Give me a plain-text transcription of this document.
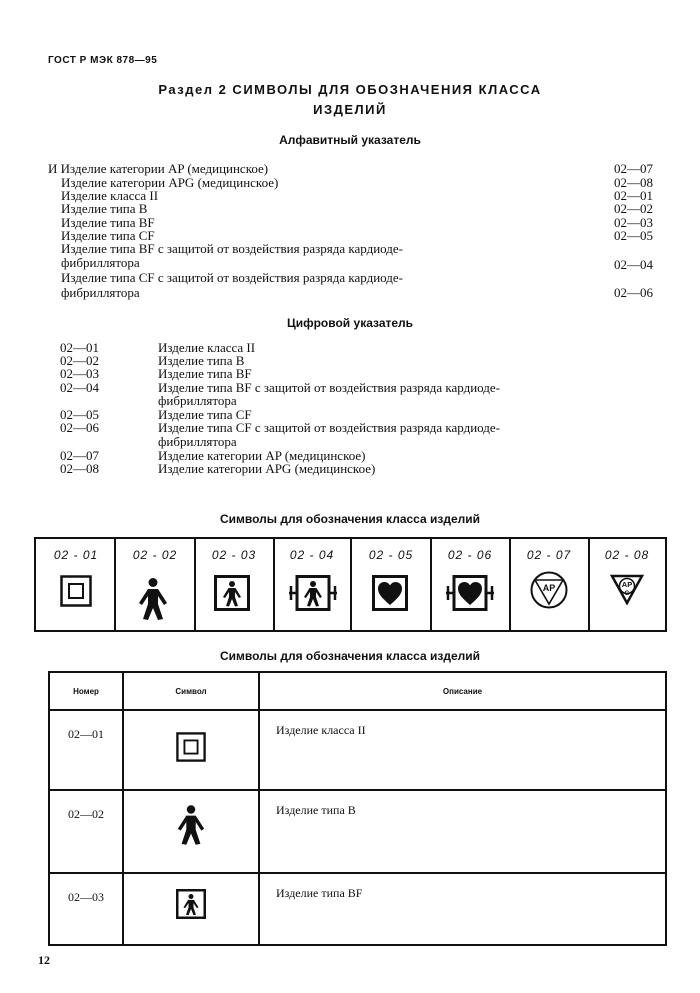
ГОСТ Р МЭК 878—95
Раздел 2 СИМВОЛЫ ДЛЯ ОБОЗНАЧЕНИЯ КЛАССА
ИЗДЕЛИЙ
Алфавитный указатель
И Изделие категории AP (медицинское)	02—07
Изделие категории APG (медицинское)	02—08
Изделие класса II	02—01
Изделие типа B	02—02
Изделие типа BF	02—03
Изделие типа CF	02—05
Изделие типа BF с защитой от воздействия разряда кардиоде-
фибриллятора	02—04
Изделие типа CF с защитой от воздействия разряда кардиоде-
фибриллятора	02—06
Цифровой указатель
02—01	Изделие класса II
02—02	Изделие типа B
02—03	Изделие типа BF
02—04	Изделие типа BF с защитой от воздействия разряда кардиоде-
фибриллятора
02—05	Изделие типа CF
02—06	Изделие типа CF с защитой от воздействия разряда кардиоде-
фибриллятора
02—07	Изделие категории AP (медицинское)
02—08	Изделие категории APG (медицинское)
Символы для обозначения класса изделий
02 - 01	02 - 02	02 - 03	02 - 04	02 - 05	02 - 06	02 - 07	02 - 08
AP	AP
G
Символы для обозначения класса изделий
Номер	Символ	Описание
02—01		Изделие класса II
02—02		Изделие типа B
02—03		Изделие типа BF
12
